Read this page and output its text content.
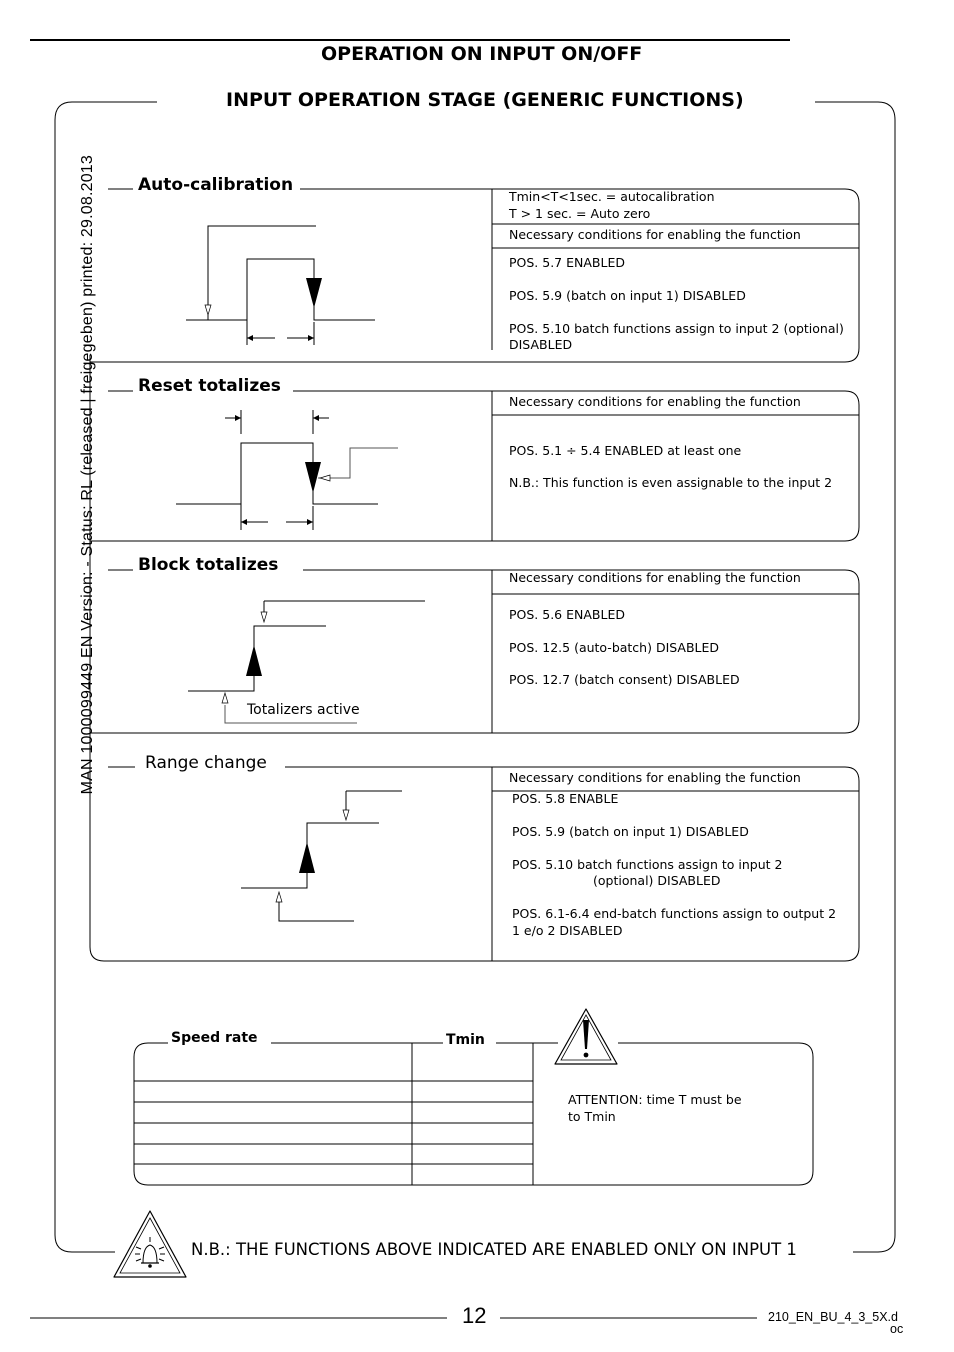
OPERATION ON INPUT ON/OFF
INPUT OPERATION STAGE (GENERIC FUNCTIONS)
MAN 1000099449 EN Version: - Status: RL (released | freigegeben) printed: 29.08.2013 Auto-calibration
Tmin<T<1sec. = autocalibration
T > 1 sec. = Auto zero
Necessary conditions for enabling the function
POS. 5.7 ENABLED
POS. 5.9 (batch on input 1) DISABLED
POS. 5.10 batch functions assign to input 2 (optional)
DISABLED
Reset totalizes
Necessary conditions for enabling the function
POS. 5.1 ÷ 5.4 ENABLED at least one
N.B.: This function is even assignable to the input 2
Block totalizes
Totalizers active
Necessary conditions for enabling the function
POS. 5.6 ENABLED
POS. 12.5 (auto-batch) DISABLED
POS. 12.7 (batch consent) DISABLED
Range change
Necessary conditions for enabling the function
POS. 5.8 ENABLE
POS. 5.9 (batch on input 1) DISABLED
POS. 5.10 batch functions assign to input 2
(optional) DISABLED
POS. 6.1-6.4 end-batch functions assign to output 2
1 e/o 2 DISABLED
Speed rate	Tmin
ATTENTION: time T must be
to Tmin
N.B.: THE FUNCTIONS ABOVE INDICATED ARE ENABLED ONLY ON INPUT 1
12	210_EN_BU_4_3_5X.d
oc
